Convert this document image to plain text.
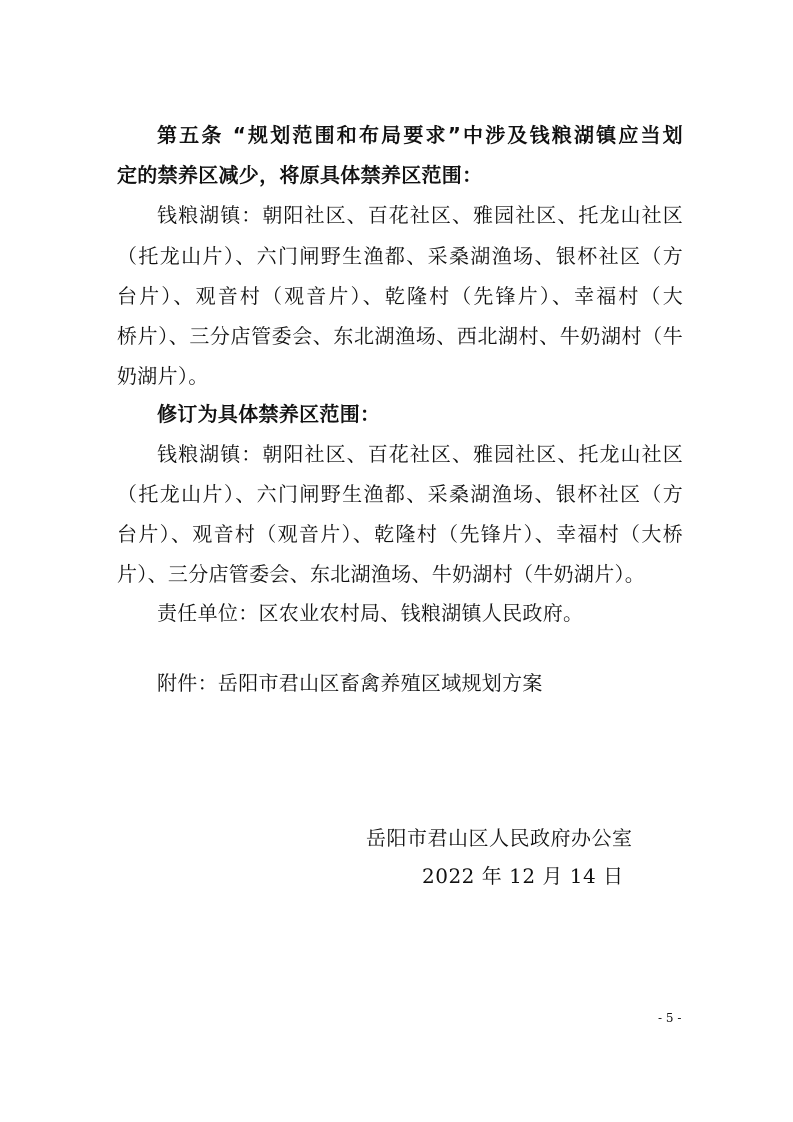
第五条 “规划范围和布局要求”中涉及钱粮湖镇应当划
定的禁养区减少，将原具体禁养区范围：
钱粮湖镇：朝阳社区、百花社区、雅园社区、托龙山社区
（托龙山片）、六门闸野生渔都、采桑湖渔场、银杯社区（方
台片）、观音村（观音片）、乾隆村（先锋片）、幸福村（大
桥片）、三分店管委会、东北湖渔场、西北湖村、牛奶湖村（牛
奶湖片）。
修订为具体禁养区范围：
钱粮湖镇：朝阳社区、百花社区、雅园社区、托龙山社区
（托龙山片）、六门闸野生渔都、采桑湖渔场、银杯社区（方
台片）、观音村（观音片）、乾隆村（先锋片）、幸福村（大桥
片）、三分店管委会、东北湖渔场、牛奶湖村（牛奶湖片）。
责任单位：区农业农村局、钱粮湖镇人民政府。
附件：岳阳市君山区畜禽养殖区域规划方案
岳阳市君山区人民政府办公室
2022 年 12 月 14 日
- 5 -
